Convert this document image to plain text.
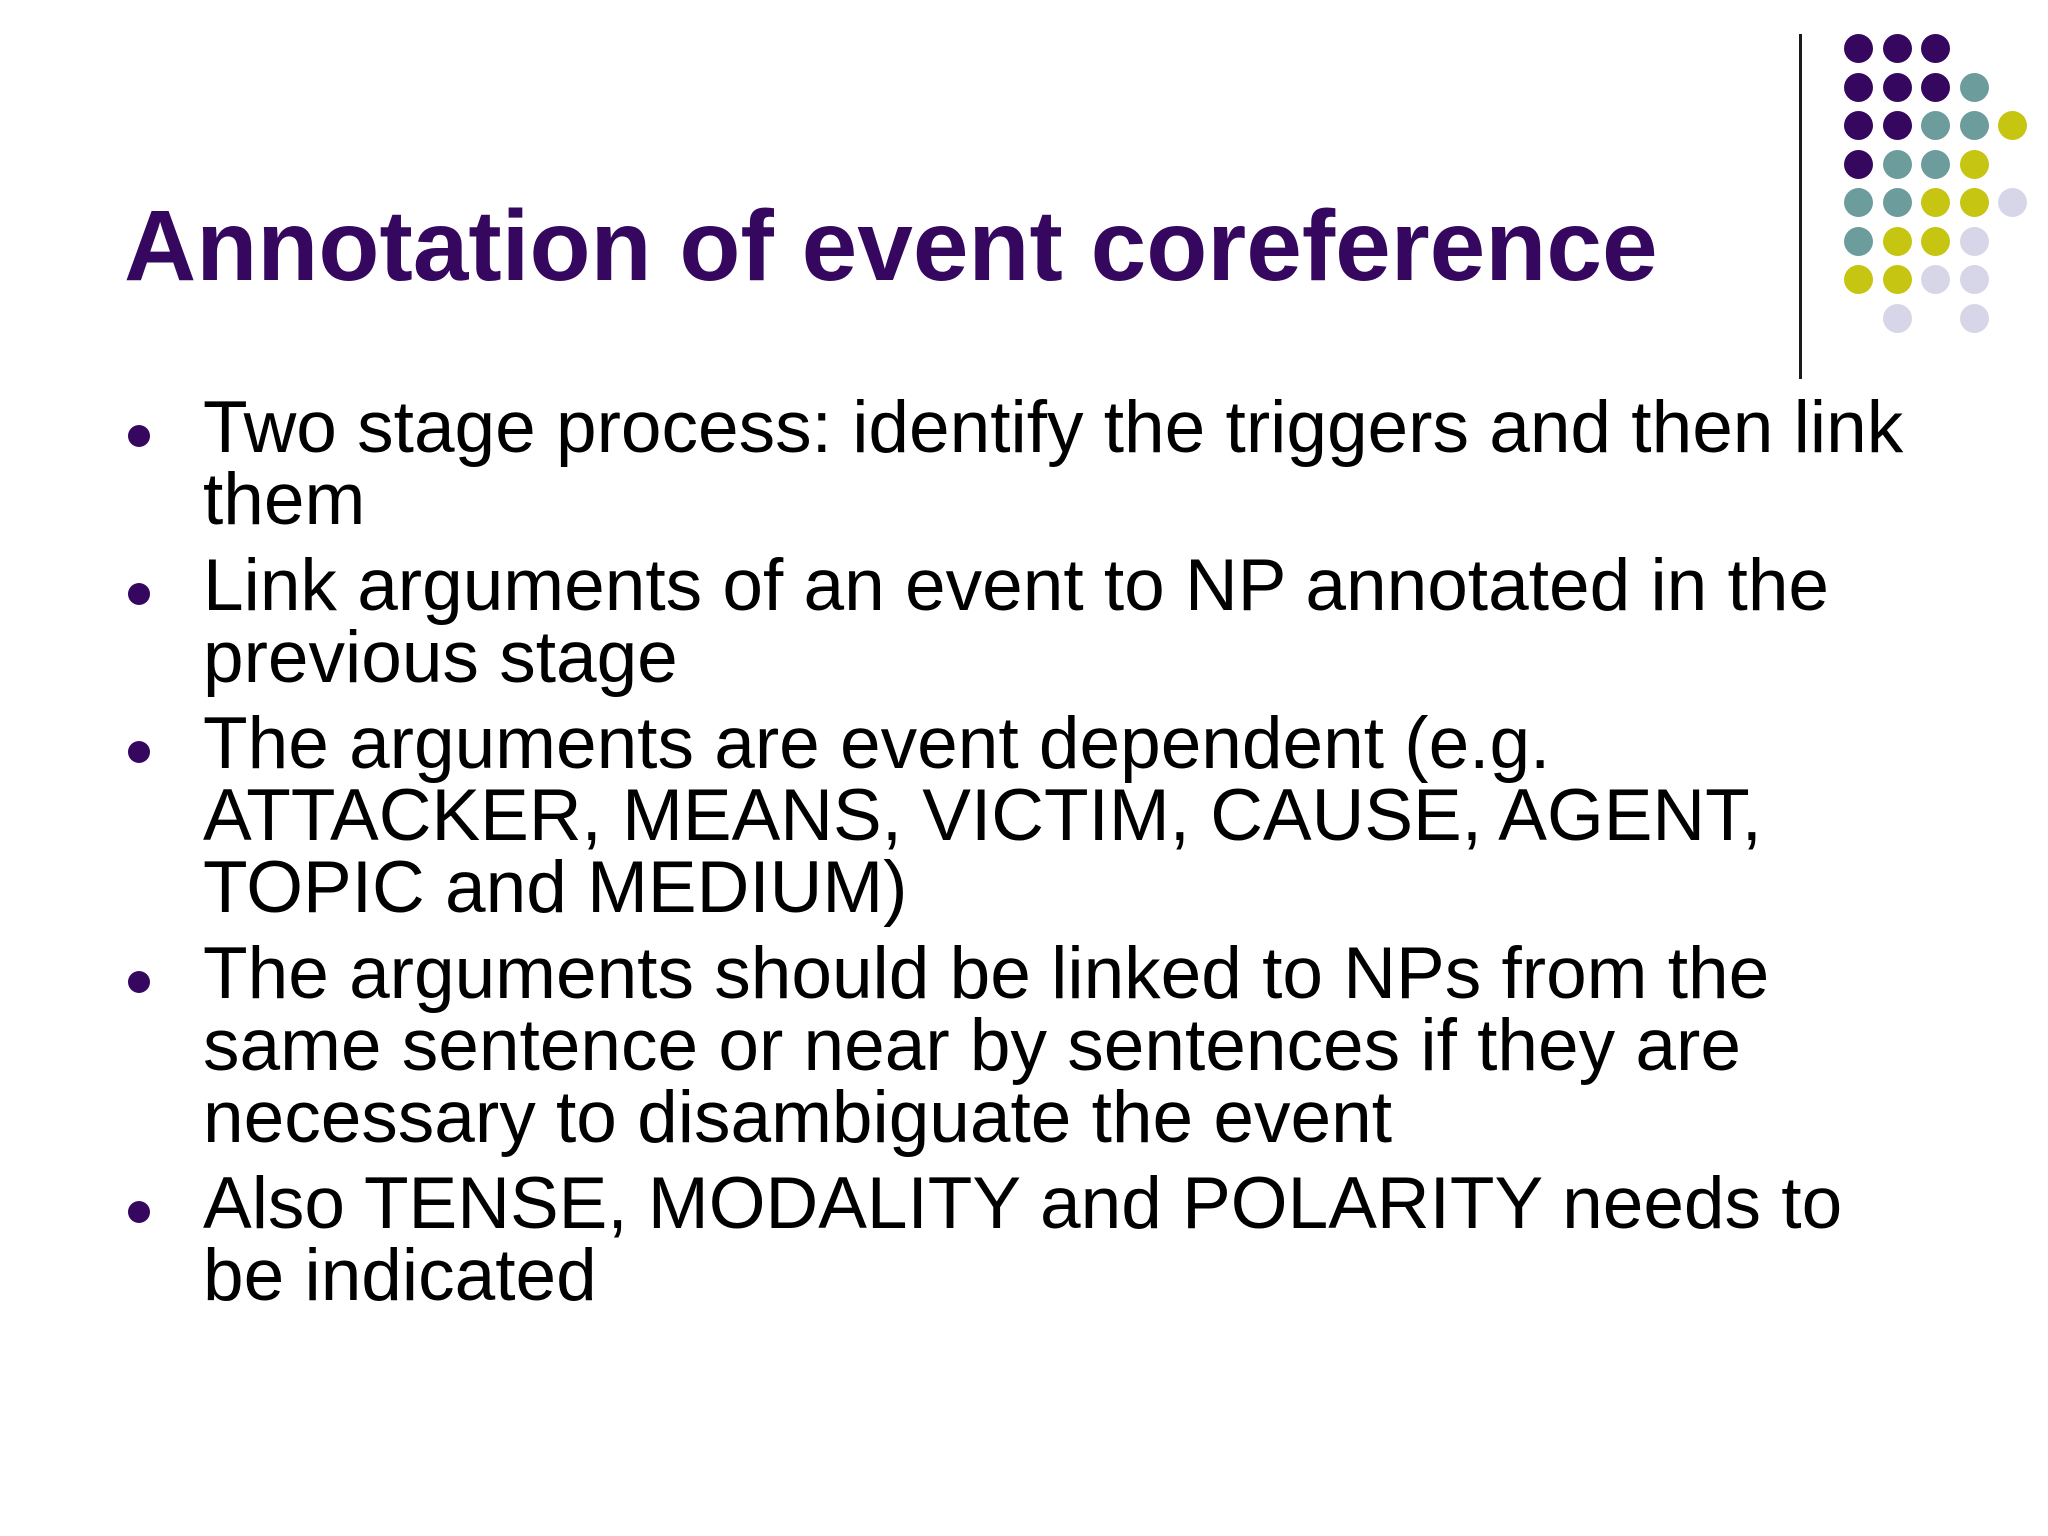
Annotation of event coreference
Two stage process: identify the triggers and then link them
Link arguments of an event to NP annotated in the previous stage
The arguments are event dependent (e.g. ATTACKER, MEANS, VICTIM, CAUSE, AGENT, TOPIC and MEDIUM)
The arguments should be linked to NPs from the same sentence or near by sentences if they are necessary to disambiguate the event
Also TENSE, MODALITY and POLARITY needs to be indicated
